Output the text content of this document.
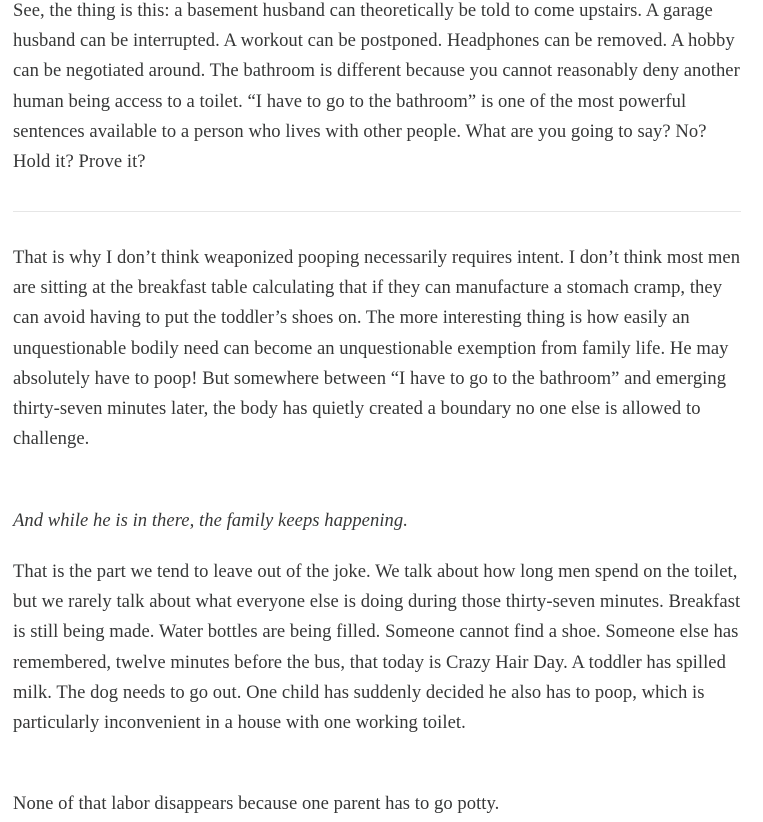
See, the thing is this: a basement husband can theoretically be told to come upstairs. A garage husband can be interrupted. A workout can be postponed. Headphones can be removed. A hobby can be negotiated around. The bathroom is different because you cannot reasonably deny another human being access to a toilet. “I have to go to the bathroom” is one of the most powerful sentences available to a person who lives with other people. What are you going to say? No? Hold it? Prove it?

That is why I don’t think weaponized pooping necessarily requires intent. I don’t think most men are sitting at the breakfast table calculating that if they can manufacture a stomach cramp, they can avoid having to put the toddler’s shoes on. The more interesting thing is how easily an unquestionable bodily need can become an unquestionable exemption from family life. He may absolutely have to poop! But somewhere between “I have to go to the bathroom” and emerging thirty-seven minutes later, the body has quietly created a boundary no one else is allowed to challenge.

And while he is in there, the family keeps happening.

That is the part we tend to leave out of the joke. We talk about how long men spend on the toilet, but we rarely talk about what everyone else is doing during those thirty-seven minutes. Breakfast is still being made. Water bottles are being filled. Someone cannot find a shoe. Someone else has remembered, twelve minutes before the bus, that today is Crazy Hair Day. A toddler has spilled milk. The dog needs to go out. One child has suddenly decided he also has to poop, which is particularly inconvenient in a house with one working toilet.

None of that labor disappears because one parent has to go potty.
